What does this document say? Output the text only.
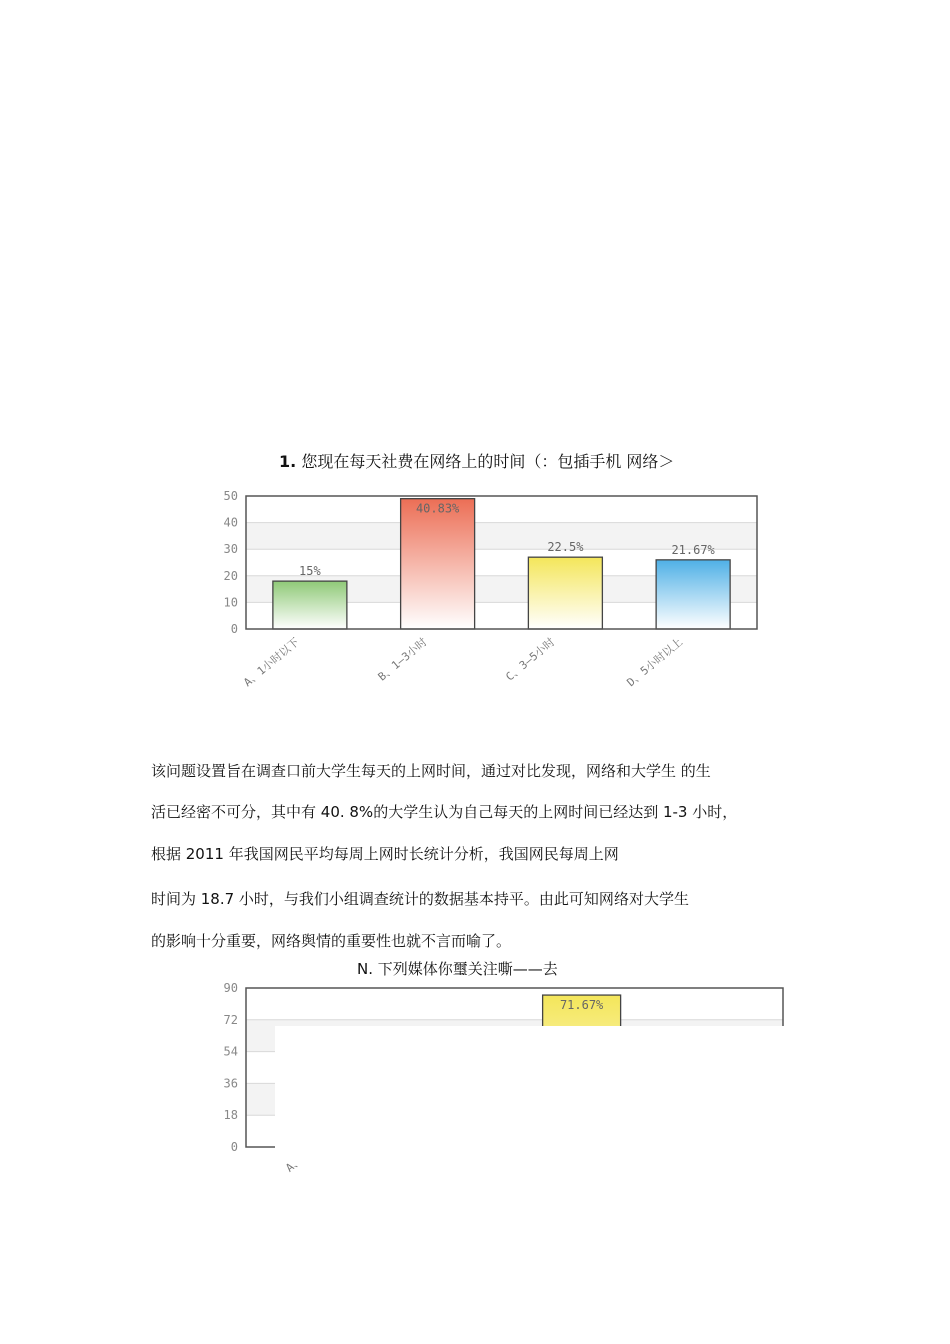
1. 您现在每天社费在网络上的时间（：包插手机 网络＞
50
40
30
20
10
0
15%
A、1小时以下
40.83%
B、1—3小时
22.5%
C、3—5小时
21.67%
D、5小时以上
该问题设置旨在调查口前大学生每天的上网时间，通过对比发现，网络和大学生 的生
活已经密不可分，其中有 40. 8%的大学生认为自己每天的上网时间已经达到 1-3 小时，
根据 2011 年我国网民平均每周上网时长统计分析，我国网民每周上网
时间为 18.7 小时，与我们小组调查统计的数据基本持平。由此可知网络对大学生
的影响十分重要，网络舆情的重要性也就不言而喻了。
N. 下列媒体你璽关注嘶——去
90
72
54
36
18
0
A、
71.67%
